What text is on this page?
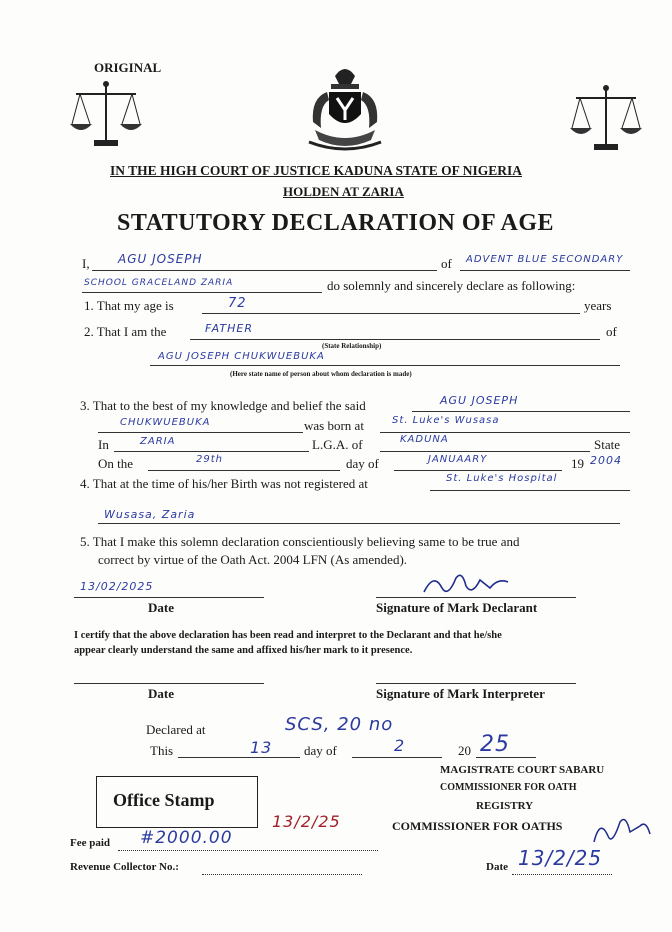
ORIGINAL
IN THE HIGH COURT OF JUSTICE KADUNA STATE OF NIGERIA
HOLDEN AT ZARIA
STATUTORY DECLARATION OF AGE
I, AGU JOSEPH	of ADVENT BLUE SECONDARY
SCHOOL GRACELAND ZARIA	do solemnly and sincerely declare as following:
1. That my age is	72	years
2. That I am the	FATHER	of
(State Relationship)
AGU JOSEPH CHUKWUEBUKA
(Here state name of person about whom declaration is made)
3. That to the best of my knowledge and belief the said	AGU JOSEPH
CHUKWUEBUKA	was born at	St. Luke's Wusasa
In	ZARIA	L.G.A. of	KADUNA	State
On the	29th	day of	JANUAARY	19 2004
4. That at the time of his/her Birth was not registered at	St. Luke's Hospital
Wusasa, Zaria
5. That I make this solemn declaration conscientiously believing same to be true and
correct by virtue of the Oath Act. 2004 LFN (As amended).
13/02/2025
Date	Signature of Mark Declarant
I certify that the above declaration has been read and interpret to the Declarant and that he/she
appear clearly understand the same and affixed his/her mark to it presence.
Date	Signature of Mark Interpreter
Declared at	SCS, 20 no
This	13 day of	2	20 25
Office Stamp
MAGISTRATE COURT SABARU
COMMISSIONER FOR OATH
REGISTRY
COMMISSIONER FOR OATHS
Fee paid #2000.00
13/2/25
Revenue Collector No.:	Date 13/2/25
